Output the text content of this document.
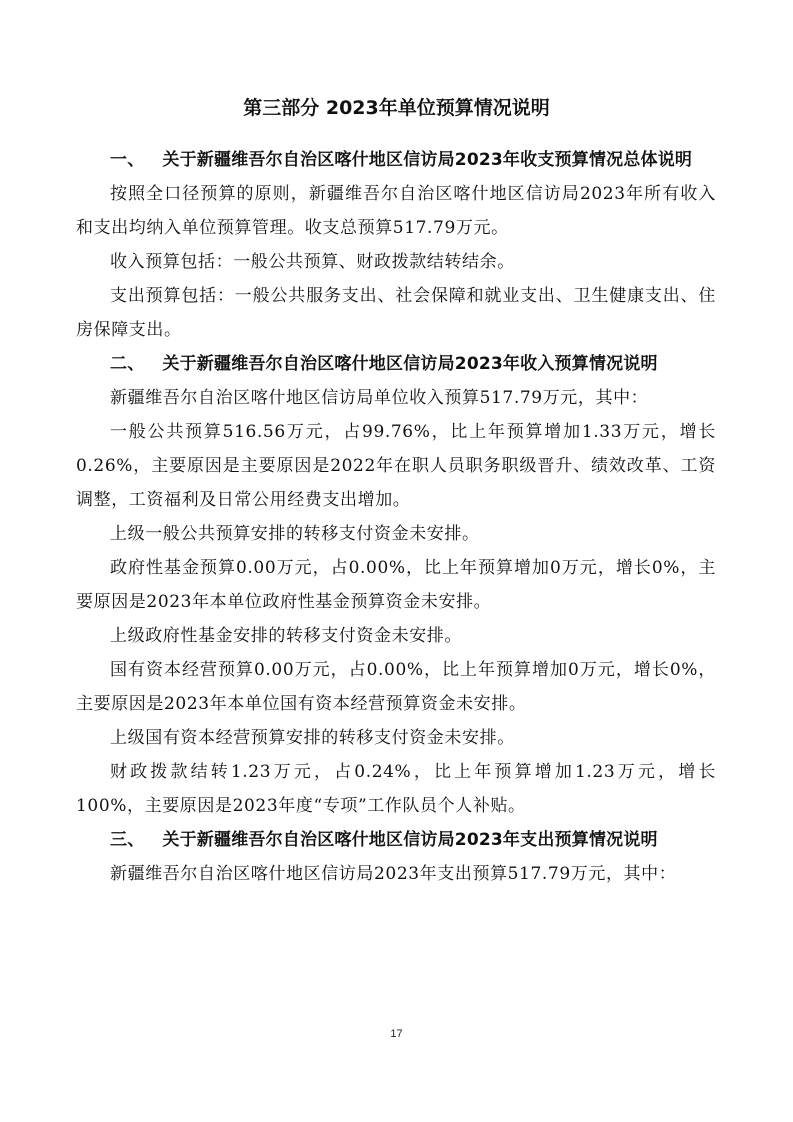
第三部分 2023年单位预算情况说明

一、 关于新疆维吾尔自治区喀什地区信访局2023年收支预算情况总体说明

按照全口径预算的原则，新疆维吾尔自治区喀什地区信访局2023年所有收入和支出均纳入单位预算管理。收支总预算517.79万元。

收入预算包括：一般公共预算、财政拨款结转结余。

支出预算包括：一般公共服务支出、社会保障和就业支出、卫生健康支出、住房保障支出。

二、 关于新疆维吾尔自治区喀什地区信访局2023年收入预算情况说明

新疆维吾尔自治区喀什地区信访局单位收入预算517.79万元，其中：

一般公共预算516.56万元，占99.76%，比上年预算增加1.33万元，增长0.26%，主要原因是主要原因是2022年在职人员职务职级晋升、绩效改革、工资调整，工资福利及日常公用经费支出增加。

上级一般公共预算安排的转移支付资金未安排。

政府性基金预算0.00万元，占0.00%，比上年预算增加0万元，增长0%，主要原因是2023年本单位政府性基金预算资金未安排。

上级政府性基金安排的转移支付资金未安排。

国有资本经营预算0.00万元，占0.00%，比上年预算增加0万元，增长0%，主要原因是2023年本单位国有资本经营预算资金未安排。

上级国有资本经营预算安排的转移支付资金未安排。

财政拨款结转1.23万元，占0.24%，比上年预算增加1.23万元，增长100%，主要原因是2023年度“专项”工作队员个人补贴。

三、 关于新疆维吾尔自治区喀什地区信访局2023年支出预算情况说明

新疆维吾尔自治区喀什地区信访局2023年支出预算517.79万元，其中：

17
